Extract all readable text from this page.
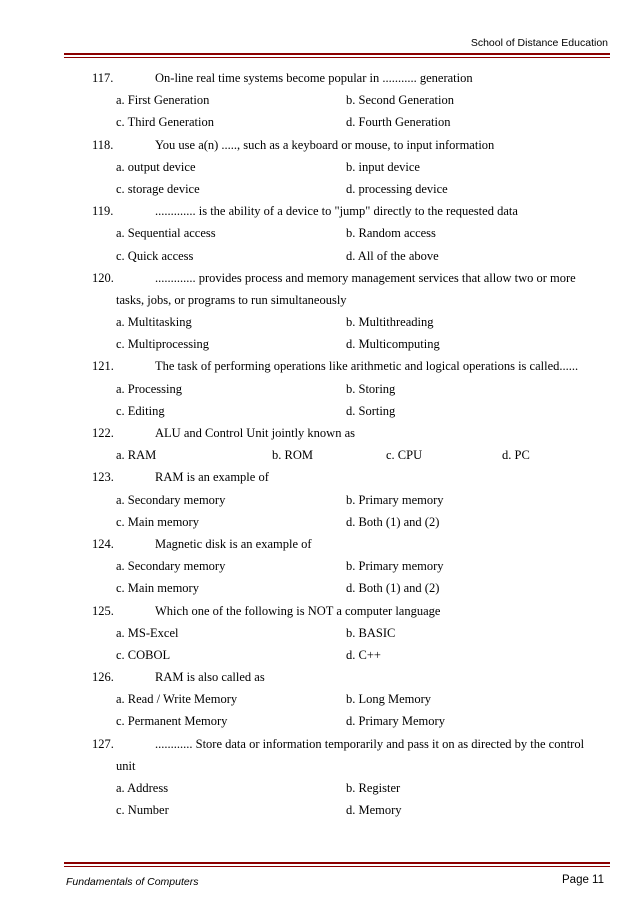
School of Distance Education
117.	On-line real time systems become popular in ........... generation
a. First Generation	b. Second Generation
c. Third Generation	d. Fourth Generation
118.	You use a(n) ....., such as a keyboard or mouse, to input information
a. output device	b. input device
c. storage device	d. processing device
119.	............. is the ability of a device to "jump" directly to the requested data
a. Sequential access	b. Random access
c. Quick access	d. All of the above
120.	............. provides process and memory management services that allow two or more
tasks, jobs, or programs to run simultaneously
a. Multitasking	b. Multithreading
c. Multiprocessing	d. Multicomputing
121.	The task of performing operations like arithmetic and logical operations is called......
a. Processing	b. Storing
c. Editing	d. Sorting
122.	ALU and Control Unit jointly known as
a. RAM	b. ROM	c. CPU	d. PC
123.	RAM is an example of
a. Secondary memory	b. Primary memory
c. Main memory	d. Both (1) and (2)
124.	Magnetic disk is an example of
a. Secondary memory	b. Primary memory
c. Main memory	d. Both (1) and (2)
125.	Which one of the following is NOT a computer language
a. MS-Excel	b. BASIC
c. COBOL	d. C++
126.	RAM is also called as
a. Read / Write Memory	b. Long Memory
c. Permanent Memory	d. Primary Memory
127.	............ Store data or information temporarily and pass it on as directed by the control
unit
a. Address	b. Register
c. Number	d. Memory
Fundamentals of Computers	Page 11
